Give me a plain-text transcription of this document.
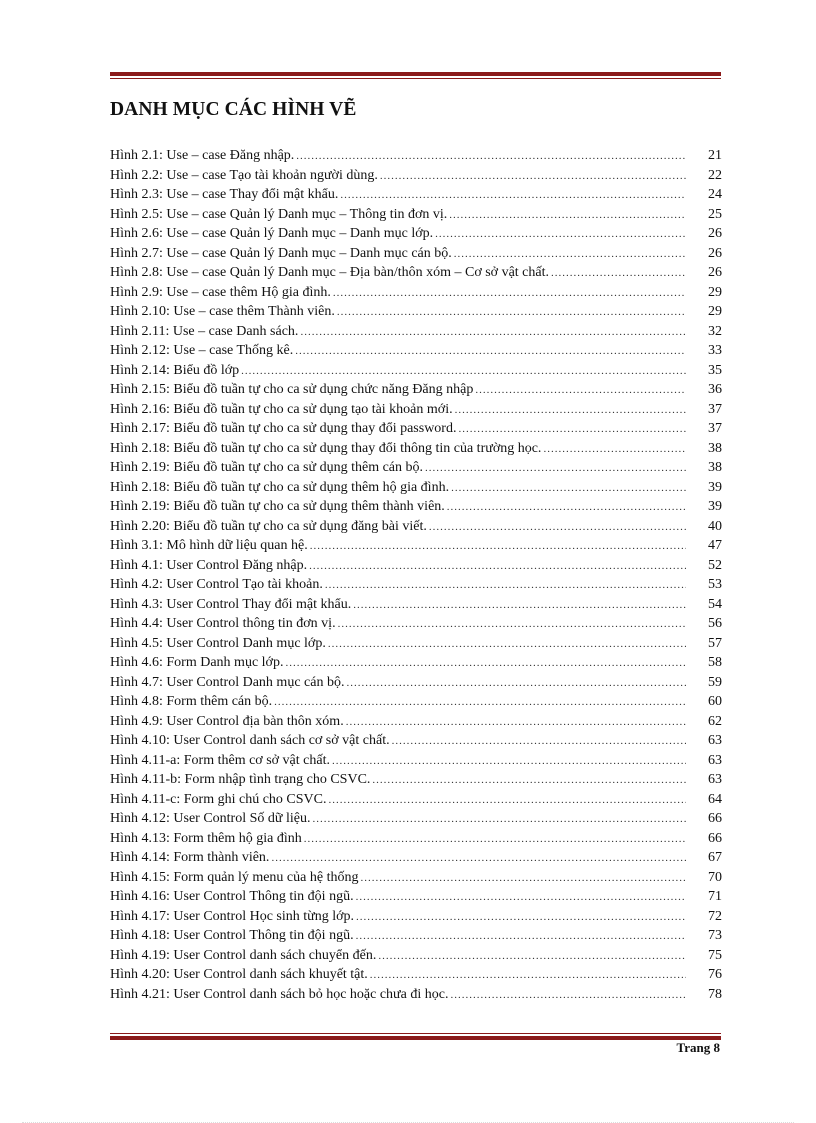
DANH MỤC CÁC HÌNH VẼ
Hình 2.1: Use – case Đăng nhập. .....	21
Hình 2.2: Use – case Tạo tài khoản người dùng. .....	22
Hình 2.3: Use – case Thay đổi mật khẩu. .....	24
Hình 2.5: Use – case Quản lý Danh mục – Thông tin đơn vị. .....	25
Hình 2.6: Use – case Quản lý Danh mục – Danh mục lớp. .....	26
Hình 2.7: Use – case Quản lý Danh mục – Danh mục cán bộ. .....	26
Hình 2.8: Use – case Quản lý Danh mục – Địa bàn/thôn xóm – Cơ sở vật chất. .....	26
Hình 2.9: Use – case thêm Hộ gia đình. .....	29
Hình 2.10: Use – case thêm Thành viên. .....	29
Hình 2.11: Use – case Danh sách. .....	32
Hình 2.12: Use – case Thống kê. .....	33
Hình 2.14: Biểu đồ lớp .....	35
Hình 2.15: Biểu đồ tuần tự cho ca sử dụng chức năng Đăng nhập .....	36
Hình 2.16: Biểu đồ tuần tự cho ca sử dụng tạo tài khoản mới. .....	37
Hình 2.17: Biểu đồ tuần tự cho ca sử dụng thay đổi password. .....	37
Hình 2.18: Biểu đồ tuần tự cho ca sử dụng thay đổi thông tin của trường học. .....	38
Hình 2.19: Biểu đồ tuần tự cho ca sử dụng thêm cán bộ. .....	38
Hình 2.18: Biểu đồ tuần tự cho ca sử dụng thêm hộ gia đình. .....	39
Hình 2.19: Biểu đồ tuần tự cho ca sử dụng thêm thành viên. .....	39
Hình 2.20: Biểu đồ tuần tự cho ca sử dụng đăng bài viết. .....	40
Hình 3.1: Mô hình dữ liệu quan hệ. .....	47
Hình 4.1: User Control Đăng nhập. .....	52
Hình 4.2: User Control Tạo tài khoản. .....	53
Hình 4.3: User Control Thay đổi mật khẩu. .....	54
Hình 4.4: User Control thông tin đơn vị. .....	56
Hình 4.5: User Control Danh mục lớp. .....	57
Hình 4.6: Form Danh mục lớp. .....	58
Hình 4.7: User Control Danh mục cán bộ. .....	59
Hình 4.8: Form thêm cán bộ. .....	60
Hình 4.9: User Control địa bàn thôn xóm. .....	62
Hình 4.10: User Control danh sách cơ sở vật chất. .....	63
Hình 4.11-a: Form thêm cơ sở vật chất. .....	63
Hình 4.11-b: Form nhập tình trạng cho CSVC. .....	63
Hình 4.11-c: Form ghi chú cho CSVC. .....	64
Hình 4.12: User Control Số dữ liệu. .....	66
Hình 4.13: Form thêm hộ gia đình .....	66
Hình 4.14: Form thành viên. .....	67
Hình 4.15: Form quản lý menu của hệ thống .....	70
Hình 4.16: User Control Thông tin đội ngũ. .....	71
Hình 4.17: User Control Học sinh từng lớp. .....	72
Hình 4.18: User Control Thông tin đội ngũ. .....	73
Hình 4.19: User Control danh sách chuyển đến. .....	75
Hình 4.20: User Control danh sách khuyết tật. .....	76
Hình 4.21: User Control danh sách bỏ học hoặc chưa đi học. .....	78
Trang 8
